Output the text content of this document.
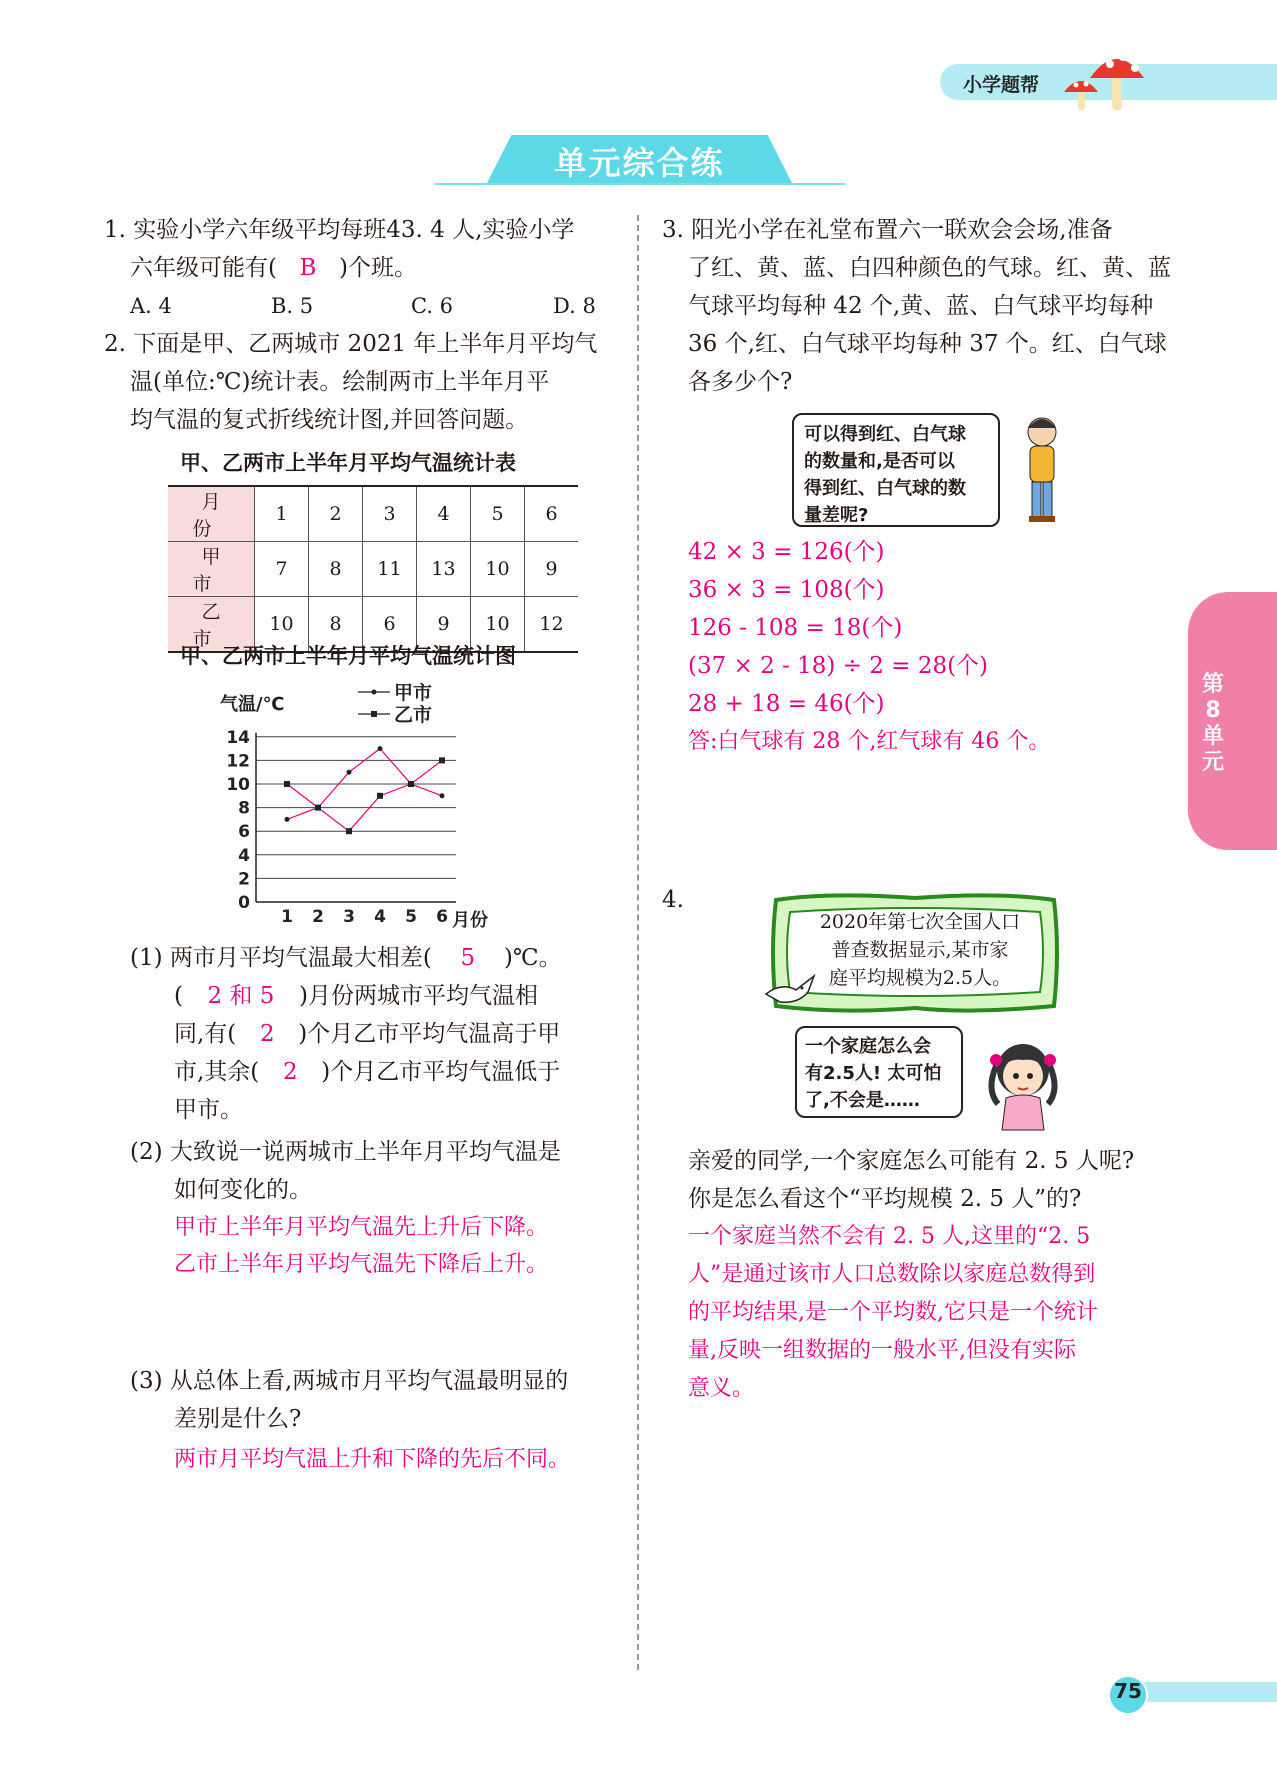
小学题帮
单元综合练
第8单元
1. 实验小学六年级平均每班43. 4 人,实验小学
六年级可能有( B )个班。
A. 4	B. 5	C. 6	D. 8
2. 下面是甲、乙两城市 2021 年上半年月平均气
温(单位:℃)统计表。绘制两市上半年月平
均气温的复式折线统计图,并回答问题。
甲、乙两市上半年月平均气温统计表
月份	1	2	3	4	5	6
甲市	7	8	11	13	10	9
乙市	10	8	6	9	10	12
甲、乙两市上半年月平均气温统计图
0
2
4
6
8
10
12
14
1 2 3 4 5 6
气温/℃
月份
甲市
乙市
(1) 两市月平均气温最大相差( 5 )℃。
( 2 和 5 )月份两城市平均气温相
同,有( 2 )个月乙市平均气温高于甲
市,其余( 2 )个月乙市平均气温低于
甲市。
(2) 大致说一说两城市上半年月平均气温是
如何变化的。
甲市上半年月平均气温先上升后下降。
乙市上半年月平均气温先下降后上升。
(3) 从总体上看,两城市月平均气温最明显的
差别是什么?
两市月平均气温上升和下降的先后不同。
3. 阳光小学在礼堂布置六一联欢会会场,准备
了红、黄、蓝、白四种颜色的气球。红、黄、蓝
气球平均每种 42 个,黄、蓝、白气球平均每种
36 个,红、白气球平均每种 37 个。红、白气球
各多少个?
可以得到红、白气球
的数量和,是否可以
得到红、白气球的数
量差呢?
42 × 3 = 126(个)
36 × 3 = 108(个)
126 - 108 = 18(个)
(37 × 2 - 18) ÷ 2 = 28(个)
28 + 18 = 46(个)
答:白气球有 28 个,红气球有 46 个。
4.
2020年第七次全国人口
普查数据显示,某市家
庭平均规模为2.5人。
一个家庭怎么会
有2.5人! 太可怕
了,不会是……
亲爱的同学,一个家庭怎么可能有 2. 5 人呢?
你是怎么看这个“平均规模 2. 5 人”的?
一个家庭当然不会有 2. 5 人,这里的“2. 5
人”是通过该市人口总数除以家庭总数得到
的平均结果,是一个平均数,它只是一个统计
量,反映一组数据的一般水平,但没有实际
意义。
75
